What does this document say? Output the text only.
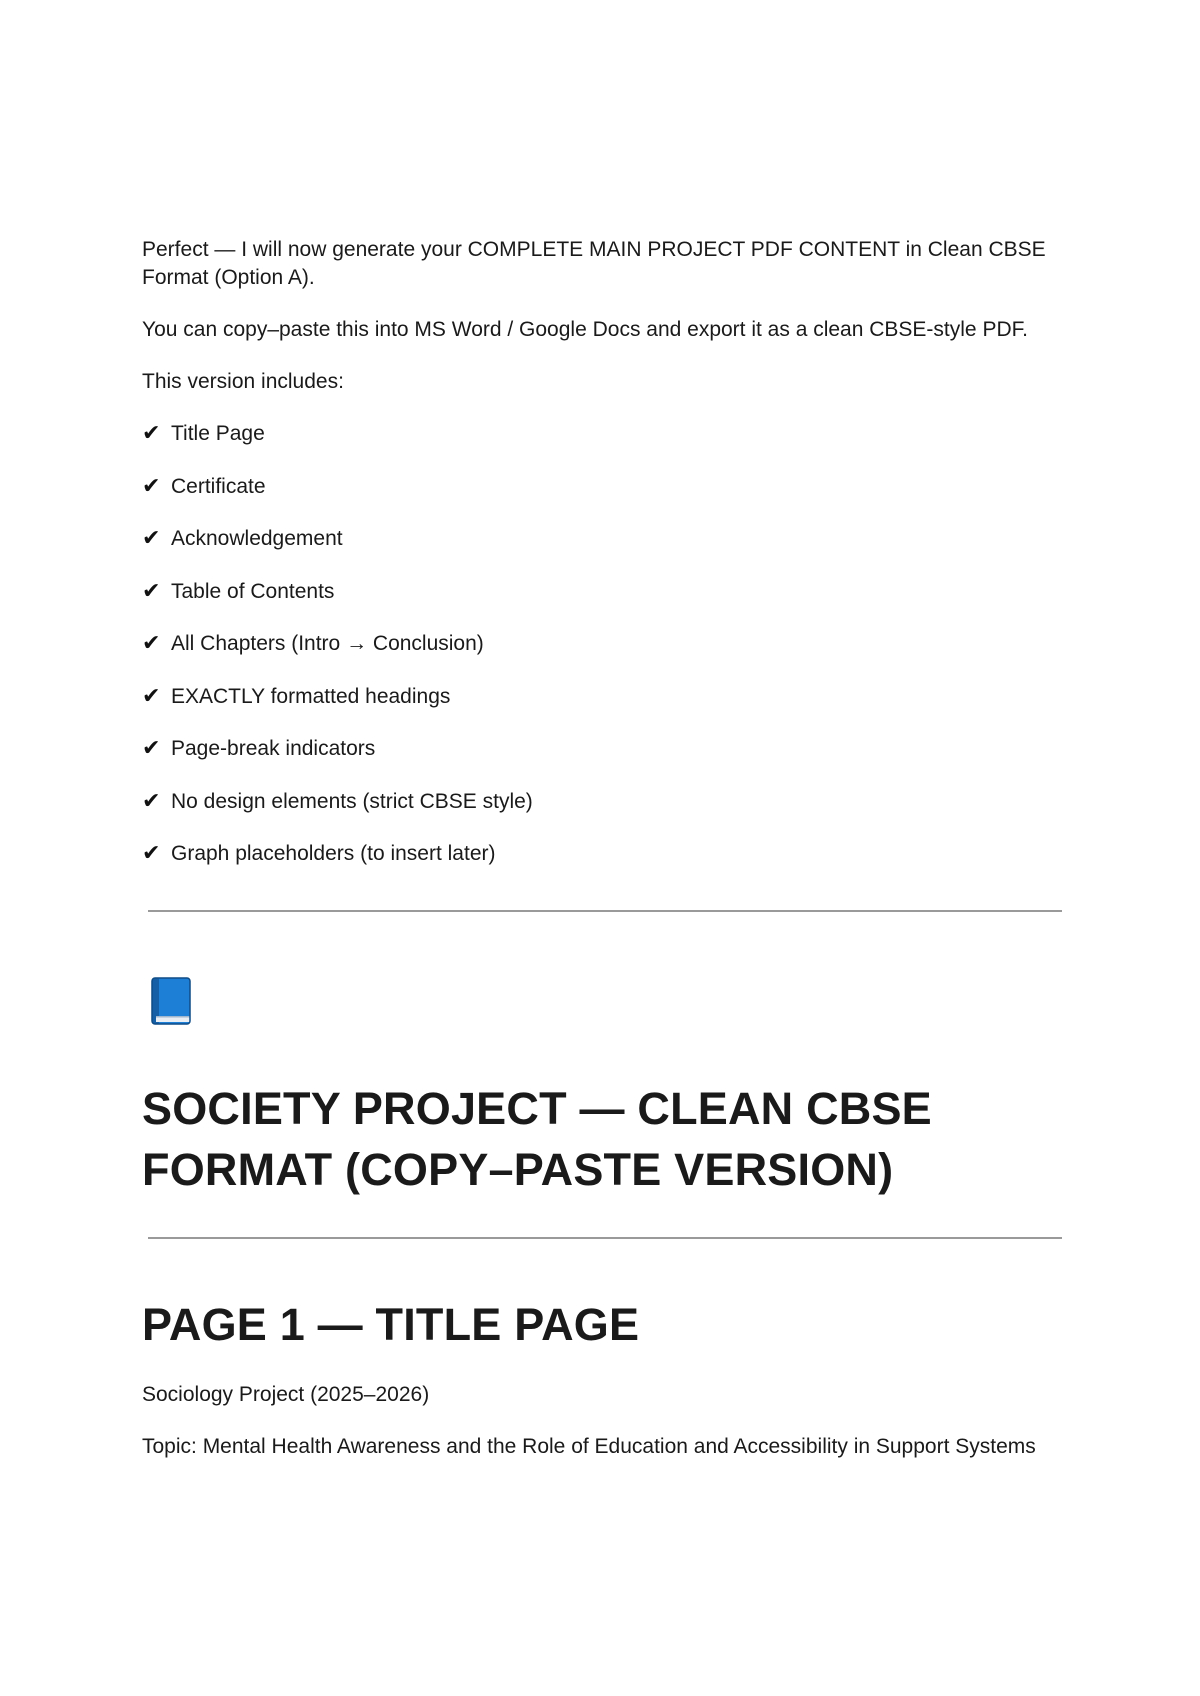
Perfect — I will now generate your COMPLETE MAIN PROJECT PDF CONTENT in Clean CBSE Format (Option A).

You can copy–paste this into MS Word / Google Docs and export it as a clean CBSE-style PDF.

This version includes:

✔ Title Page
✔ Certificate
✔ Acknowledgement
✔ Table of Contents
✔ All Chapters (Intro → Conclusion)
✔ EXACTLY formatted headings
✔ Page-break indicators
✔ No design elements (strict CBSE style)
✔ Graph placeholders (to insert later)
SOCIETY PROJECT — CLEAN CBSE FORMAT (COPY–PASTE VERSION)
PAGE 1 — TITLE PAGE

Sociology Project (2025–2026)

Topic: Mental Health Awareness and the Role of Education and Accessibility in Support Systems
